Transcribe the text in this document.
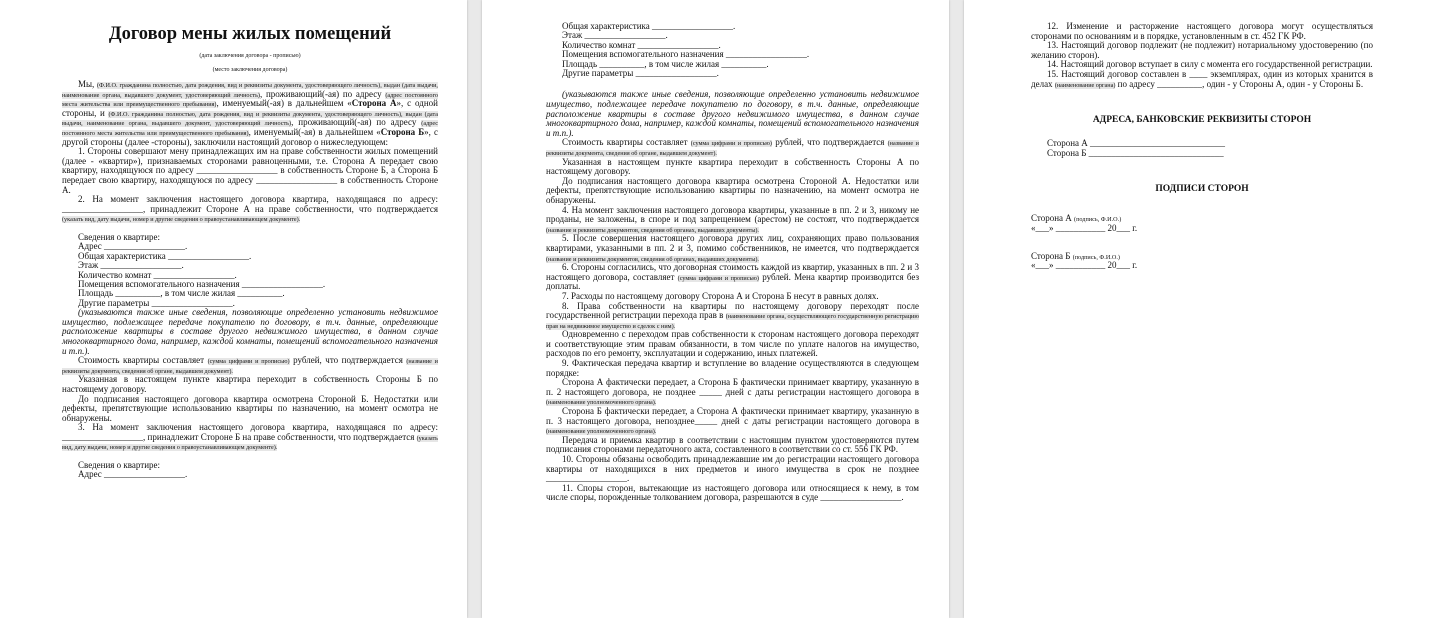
Договор мены жилых помещений
(дата заключения договора - прописью)
(место заключения договора)

Мы, (Ф.И.О. гражданина полностью, дата рождения, вид и реквизиты документа, удостоверяющего личность), выдан (дата выдачи, наименование органа, выдавшего документ, удостоверяющий личность), проживающий(-ая) по адресу (адрес постоянного места жительства или преимущественного пребывания), именуемый(-ая) в дальнейшем «Сторона А», с одной стороны, и (Ф.И.О. гражданина полностью, дата рождения, вид и реквизиты документа, удостоверяющего личность), выдан (дата выдачи, наименование органа, выдавшего документ, удостоверяющий личность), проживающий(-ая) по адресу (адрес постоянного места жительства или преимущественного пребывания), именуемый(-ая) в дальнейшем «Сторона Б», с другой стороны (далее -стороны), заключили настоящий договор о нижеследующем:

1. Стороны совершают мену принадлежащих им на праве собственности жилых помещений (далее - «квартир»), признаваемых сторонами равноценными, т.е. Сторона А передает свою квартиру, находящуюся по адресу __________________ в собственность Стороне Б, а Сторона Б передает свою квартиру, находящуюся по адресу __________________ в собственность Стороне А.

2. На момент заключения настоящего договора квартира, находящаяся по адресу: __________________, принадлежит Стороне А на праве собственности, что подтверждается (указать вид, дату выдачи, номер и другие сведения о правоустанавливающем документе).

Сведения о квартире:

Адрес __________________.

Общая характеристика __________________.

Этаж __________________.

Количество комнат __________________.

Помещения вспомогательного назначения __________________.

Площадь __________, в том числе жилая __________.

Другие параметры __________________.

(указываются также иные сведения, позволяющие определенно установить недвижимое имущество, подлежащее передаче покупателю по договору, в т.ч. данные, определяющие расположение квартиры в составе другого недвижимого имущества, в данном случае многоквартирного дома, например, каждой комнаты, помещений вспомогательного назначения и т.п.).

Стоимость квартиры составляет (сумма цифрами и прописью) рублей, что подтверждается (название и реквизиты документа, сведения об органе, выдавшем документ).

Указанная в настоящем пункте квартира переходит в собственность Стороны Б по настоящему договору.

До подписания настоящего договора квартира осмотрена Стороной Б. Недостатки или дефекты, препятствующие использованию квартиры по назначению, на момент осмотра не обнаружены.

3. На момент заключения настоящего договора квартира, находящаяся по адресу: __________________, принадлежит Стороне Б на праве собственности, что подтверждается (указать вид, дату выдачи, номер и другие сведения о правоустанавливающем документе).

Сведения о квартире:

Адрес __________________.

Общая характеристика __________________.

Этаж __________________.

Количество комнат __________________.

Помещения вспомогательного назначения __________________.

Площадь __________, в том числе жилая __________.

Другие параметры __________________.

(указываются также иные сведения, позволяющие определенно установить недвижимое имущество, подлежащее передаче покупателю по договору, в т.ч. данные, определяющие расположение квартиры в составе другого недвижимого имущества, в данном случае многоквартирного дома, например, каждой комнаты, помещений вспомогательного назначения и т.п.).

Стоимость квартиры составляет (сумма цифрами и прописью) рублей, что подтверждается (название и реквизиты документа, сведения об органе, выдавшем документ).

Указанная в настоящем пункте квартира переходит в собственность Стороны А по настоящему договору.

До подписания настоящего договора квартира осмотрена Стороной А. Недостатки или дефекты, препятствующие использованию квартиры по назначению, на момент осмотра не обнаружены.

4. На момент заключения настоящего договора квартиры, указанные в пп. 2 и 3, никому не проданы, не заложены, в споре и под запрещением (арестом) не состоят, что подтверждается (название и реквизиты документов, сведения об органах, выдавших документы).

5. После совершения настоящего договора других лиц, сохраняющих право пользования квартирами, указанными в пп. 2 и 3, помимо собственников, не имеется, что подтверждается (название и реквизиты документов, сведения об органах, выдавших документы).

6. Стороны согласились, что договорная стоимость каждой из квартир, указанных в пп. 2 и 3 настоящего договора, составляет (сумма цифрами и прописью) рублей. Мена квартир производится без доплаты.

7. Расходы по настоящему договору Сторона А и Сторона Б несут в равных долях.

8. Права собственности на квартиры по настоящему договору переходят после государственной регистрации перехода прав в (наименование органа, осуществляющего государственную регистрацию прав на недвижимое имущество и сделок с ним).

Одновременно с переходом прав собственности к сторонам настоящего договора переходят и соответствующие этим правам обязанности, в том числе по уплате налогов на имущество, расходов по его ремонту, эксплуатации и содержанию, иных платежей.

9. Фактическая передача квартир и вступление во владение осуществляются в следующем порядке:

Сторона А фактически передает, а Сторона Б фактически принимает квартиру, указанную в п. 2 настоящего договора, не позднее _____ дней с даты регистрации настоящего договора в (наименование уполномоченного органа).

Сторона Б фактически передает, а Сторона А фактически принимает квартиру, указанную в п. 3 настоящего договора, непозднее_____ дней с даты регистрации настоящего договора в (наименование уполномоченного органа).

Передача и приемка квартир в соответствии с настоящим пунктом удостоверяются путем подписания сторонами передаточного акта, составленного в соответствии со ст. 556 ГК РФ.

10. Стороны обязаны освободить принадлежавшие им до регистрации настоящего договора квартиры от находящихся в них предметов и иного имущества в срок не позднее __________________.

11. Споры сторон, вытекающие из настоящего договора или относящиеся к нему, в том числе споры, порожденные толкованием договора, разрешаются в суде __________________.

12. Изменение и расторжение настоящего договора могут осуществляться сторонами по основаниям и в порядке, установленным в ст. 452 ГК РФ.

13. Настоящий договор подлежит (не подлежит) нотариальному удостоверению (по желанию сторон).

14. Настоящий договор вступает в силу с момента его государственной регистрации.

15. Настоящий договор составлен в ____ экземплярах, один из которых хранится в делах (наименование органа) по адресу __________, один - у Стороны А, один - у Стороны Б.

АДРЕСА, БАНКОВСКИЕ РЕКВИЗИТЫ СТОРОН

Сторона А ______________________________

Сторона Б ______________________________

ПОДПИСИ СТОРОН

Сторона А (подпись, Ф.И.О.)

«___» ___________ 20___ г.

Сторона Б (подпись, Ф.И.О.)

«___» ___________ 20___ г.
